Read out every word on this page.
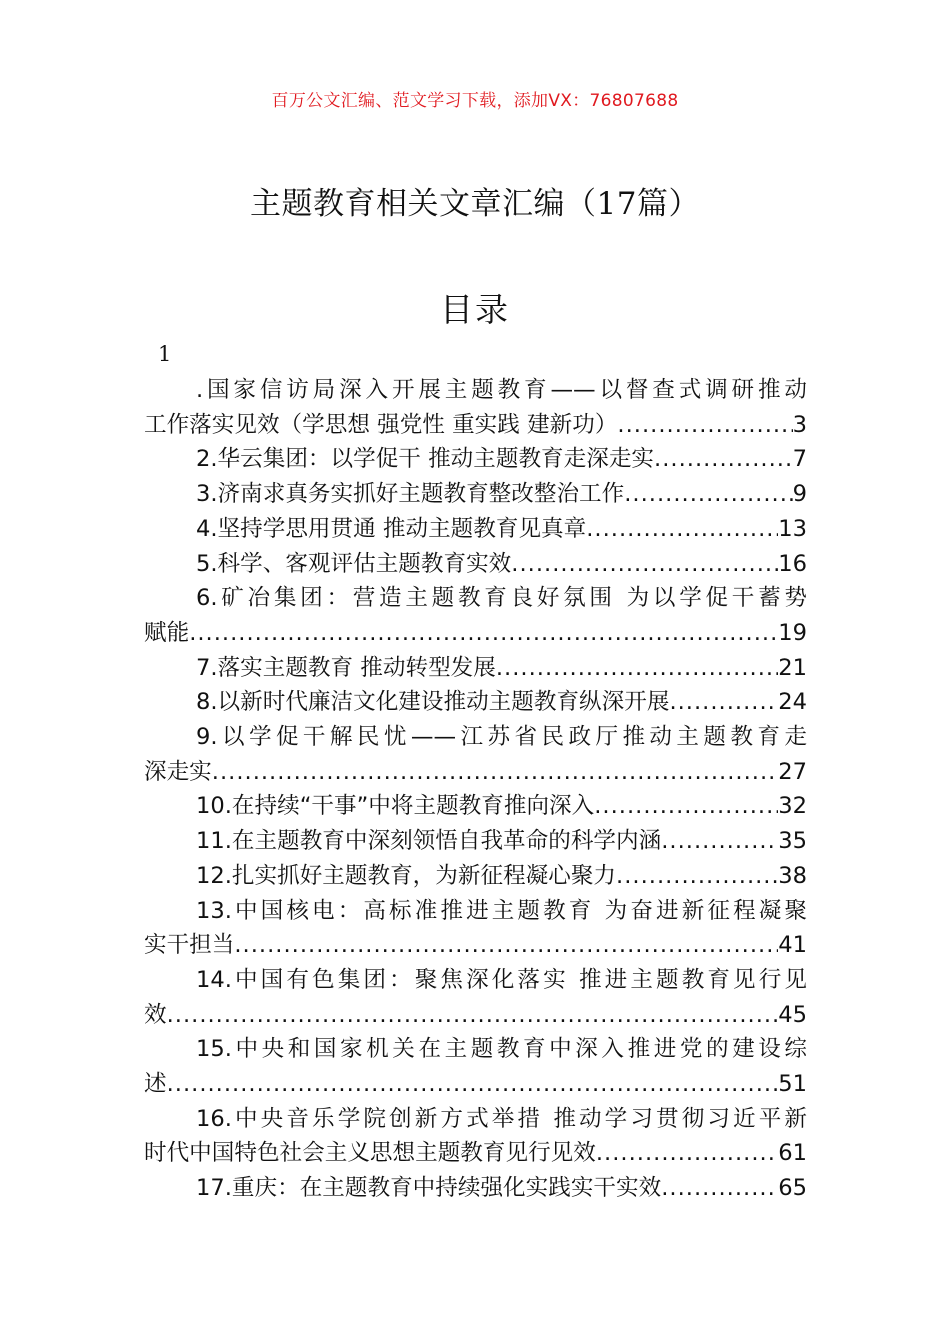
百万公文汇编、范文学习下载，添加VX：76807688
主题教育相关文章汇编（17篇）
目录
1
.国家信访局深入开展主题教育——以督查式调研推动
工作落实见效（学思想 强党性 重实践 建新功） .....	3
2.华云集团：以学促干 推动主题教育走深走实 .....	7
3.济南求真务实抓好主题教育整改整治工作 .....	9
4.坚持学思用贯通 推动主题教育见真章 .....	13
5.科学、客观评估主题教育实效 .....	16
6.矿冶集团：营造主题教育良好氛围 为以学促干蓄势
赋能 .....	19
7.落实主题教育 推动转型发展 .....	21
8.以新时代廉洁文化建设推动主题教育纵深开展 .....	24
9.以学促干解民忧——江苏省民政厅推动主题教育走
深走实 .....	27
10.在持续“干事”中将主题教育推向深入 .....	32
11.在主题教育中深刻领悟自我革命的科学内涵 .....	35
12.扎实抓好主题教育，为新征程凝心聚力 .....	38
13.中国核电：高标准推进主题教育 为奋进新征程凝聚
实干担当 .....	41
14.中国有色集团：聚焦深化落实 推进主题教育见行见
效 .....	45
15.中央和国家机关在主题教育中深入推进党的建设综
述 .....	51
16.中央音乐学院创新方式举措 推动学习贯彻习近平新
时代中国特色社会主义思想主题教育见行见效 .....	61
17.重庆：在主题教育中持续强化实践实干实效 .....	65
